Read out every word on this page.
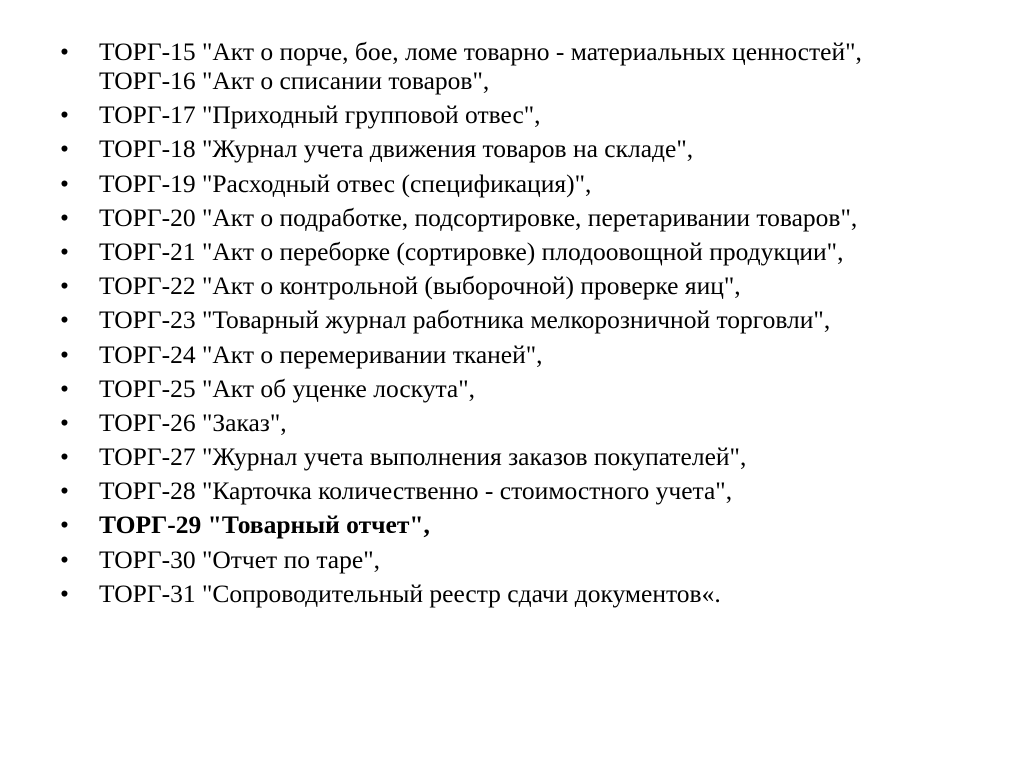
•	ТОРГ-15 "Акт о порче, бое, ломе товарно - материальных ценностей",
ТОРГ-16 "Акт о списании товаров",
•	ТОРГ-17 "Приходный групповой отвес",
•	ТОРГ-18 "Журнал учета движения товаров на складе",
•	ТОРГ-19 "Расходный отвес (спецификация)",
•	ТОРГ-20 "Акт о подработке, подсортировке, перетаривании товаров",
•	ТОРГ-21 "Акт о переборке (сортировке) плодоовощной продукции",
•	ТОРГ-22 "Акт о контрольной (выборочной) проверке яиц",
•	ТОРГ-23 "Товарный журнал работника мелкорозничной торговли",
•	ТОРГ-24 "Акт о перемеривании тканей",
•	ТОРГ-25 "Акт об уценке лоскута",
•	ТОРГ-26 "Заказ",
•	ТОРГ-27 "Журнал учета выполнения заказов покупателей",
•	ТОРГ-28 "Карточка количественно - стоимостного учета",
•	ТОРГ-29 "Товарный отчет",
•	ТОРГ-30 "Отчет по таре",
•	ТОРГ-31 "Сопроводительный реестр сдачи документов«.
